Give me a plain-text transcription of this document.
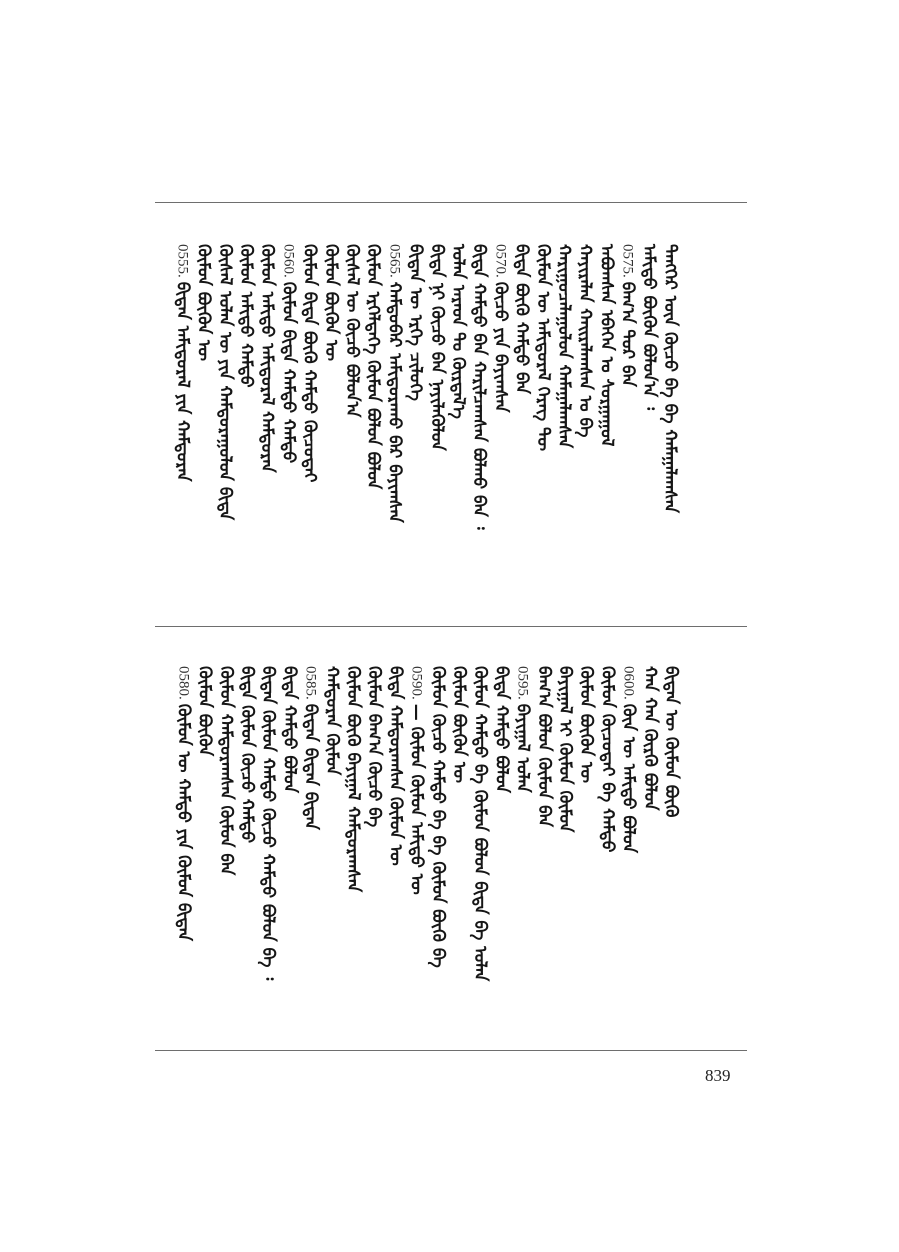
ᠲᠡᠩᠭᠡᠷ ᠦᠨ ᠬᠦᠴᠦ ᠪᠠ ᠪᠠ ᠬᠠᠮᠠᠭᠠᠯᠠᠭᠰᠠᠨ
ᠠᠮᠢᠳᠤ ᠪᠦᠬᠦᠨ ᠪᠣᠯᠤᠨ᠎ᠠ ᠄
0575.ᠪᠠᠭ᠎ᠠ ᠳᠤᠷ ᠪᠠᠨ
ᠠᠪᠤᠭᠰᠠᠨ ᠡᠪᠡᠭᠡᠨ ᠤ ᠰᠤᠷᠭᠠᠭᠤᠯ
ᠬᠠᠶᠢᠷᠠᠯᠠᠨ ᠬᠠᠢᠷᠠᠯᠠᠭᠰᠠᠨ ᠤ ᠪᠠ
ᠬᠠᠷᠢᠭᠤᠴᠠᠯᠠᠭᠤᠯᠤᠨ ᠬᠠᠮᠠᠭᠠᠯᠠᠭᠰᠠᠨ
ᠬᠦᠮᠦᠨ ᠦ ᠠᠮᠢᠳᠤᠷᠠᠯ ᠬᠡᠷᠡᠭ ᠲᠦ
ᠪᠢᠳᠡ ᠪᠦᠬᠦ ᠬᠠᠮᠲᠤ ᠪᠡᠨ
0570.ᠬᠦᠴᠦ ᠶᠢᠨ ᠪᠠᠶᠢᠭᠰᠠᠨ
ᠪᠢᠳᠡ ᠬᠠᠮᠲᠤ ᠪᠠᠨ ᠬᠠᠷᠢᠯᠴᠠᠭᠰᠠᠨ ᠪᠣᠯᠬᠤ ᠪᠠᠨ ᠄
ᠤᠯᠠᠨ ᠠᠷᠠᠳ ᠲᠤ ᠬᠦᠷᠲᠡᠯ᠎ᠡ
ᠪᠢᠳᠡ ᠨᠢ ᠬᠦᠴᠦ ᠪᠡᠨ ᠨᠡᠶᠢᠯᠡᠭᠦᠯᠦᠨ
ᠪᠢᠳᠡᠨ ᠦ ᠡᠷᠬᠡ ᠴᠢᠯᠥᠭᠡ
0565.ᠬᠠᠮᠲᠤᠪᠠᠷ ᠠᠮᠢᠳᠤᠷᠠᠬᠤ ᠪᠠᠷ ᠪᠠᠶᠢᠭᠰᠠᠨ
ᠬᠦᠮᠦᠨ ᠡᠷᠭᠡᠯᠳᠡᠭᠡ ᠬᠦᠮᠦᠨ ᠪᠣᠯᠤᠨ ᠪᠣᠯᠤᠨ
ᠬᠦᠰᠡᠯ ᠦ ᠬᠦᠴᠦ ᠪᠣᠯᠤᠨ᠎ᠠ
ᠬᠦᠮᠦᠨ ᠪᠦᠬᠦᠨ ᠦ
ᠬᠦᠮᠦᠨ ᠪᠢᠳᠡ ᠪᠦᠬᠦ ᠬᠠᠮᠲᠤ ᠬᠦᠴᠦᠲᠡᠢ
0560.ᠬᠦᠮᠦᠨ ᠪᠢᠳᠡ ᠬᠠᠮᠲᠤ ᠬᠠᠮᠲᠤ
ᠬᠦᠮᠦᠨ ᠠᠮᠢᠳᠤ ᠠᠮᠢᠳᠤᠷᠠᠯ ᠬᠠᠮᠲᠤᠷᠠᠨ
ᠬᠦᠮᠦᠨ ᠠᠮᠢᠳᠤ ᠬᠠᠮᠲᠤ
ᠬᠦᠰᠡᠯ ᠣᠯᠠᠨ ᠦ ᠶᠢᠨ ᠬᠠᠮᠲᠤᠷᠠᠭᠤᠯᠤᠨ ᠪᠢᠳᠡ
ᠬᠦᠮᠦᠨ ᠪᠦᠬᠦᠨ ᠦ
0555.ᠪᠢᠳᠡᠨ ᠠᠮᠢᠳᠤᠷᠠᠯ ᠶᠢᠨ ᠬᠠᠮᠲᠤᠷᠠᠨ
ᠪᠢᠳᠡᠨ ᠦ ᠬᠦᠮᠦᠨ ᠪᠦᠬᠦ
ᠬᠠᠨ ᠬᠠᠨ ᠬᠦᠷᠬᠦ ᠪᠣᠯᠣᠨ
0600.ᠬᠦᠨ ᠦ ᠠᠮᠢᠳᠤ ᠪᠣᠯᠣᠨ
ᠬᠦᠮᠦᠨ ᠬᠦᠴᠦᠲᠡᠢ ᠪᠠ ᠬᠠᠮᠲᠤ
ᠬᠦᠮᠦᠨ ᠪᠦᠬᠦᠨ ᠦ
ᠪᠠᠶᠢᠭᠠᠯ ᠢ ᠬᠦᠮᠦᠨ ᠬᠦᠮᠦᠨ
ᠪᠠᠭ᠎ᠠ ᠪᠣᠯᠣᠨ ᠬᠦᠮᠦᠨ ᠪᠠᠨ
0595.ᠪᠠᠶᠢᠭᠠᠯ ᠣᠯᠠᠨ
ᠪᠢᠳᠡ ᠬᠠᠮᠲᠤ ᠪᠣᠯᠣᠨ
ᠬᠦᠮᠦᠨ ᠬᠠᠮᠲᠤ ᠪᠠ ᠬᠦᠮᠦᠨ ᠪᠣᠯᠣᠨ ᠪᠢᠳᠡ ᠪᠠ ᠣᠯᠠᠨ
ᠬᠦᠮᠦᠨ ᠪᠦᠬᠦᠨ ᠦ
ᠬᠦᠮᠦᠨ ᠬᠦᠴᠦ ᠬᠠᠮᠲᠤ ᠪᠠ ᠪᠠ ᠬᠦᠮᠦᠨ ᠪᠦᠬᠦ ᠪᠠ
0590.— ᠬᠦᠮᠦᠨ ᠬᠦᠮᠦᠨ ᠠᠮᠢᠳᠤ ᠦ
ᠪᠢᠳᠡ ᠬᠠᠮᠲᠤᠷᠠᠭᠰᠠᠨ ᠬᠦᠮᠦᠨ ᠦ
ᠬᠦᠮᠦᠨ ᠪᠠᠭ᠎ᠠ ᠬᠦᠴᠦ ᠪᠠ
ᠬᠦᠮᠦᠨ ᠪᠦᠬᠦ ᠪᠠᠶᠢᠭᠠᠯ ᠬᠠᠮᠲᠤᠷᠠᠭᠰᠠᠨ
ᠬᠠᠮᠲᠤᠷᠠᠨ ᠬᠦᠮᠦᠨ
0585.ᠪᠢᠳᠡᠨ ᠪᠢᠳᠡᠨ ᠪᠢᠳᠡᠨ
ᠪᠢᠳᠡ ᠬᠠᠮᠲᠤ ᠪᠣᠯᠣᠨ
ᠪᠢᠳᠡᠨ ᠬᠦᠮᠦᠨ ᠬᠠᠮᠲᠤ ᠬᠦᠴᠦ ᠬᠠᠮᠲᠤ ᠪᠣᠯᠣᠨ ᠪᠠ ᠄
ᠪᠢᠳᠡ ᠬᠦᠮᠦᠨ ᠬᠦᠴᠦ ᠬᠠᠮᠲᠤ
ᠬᠦᠮᠦᠨ ᠬᠠᠮᠲᠤᠷᠠᠭᠰᠠᠨ ᠬᠦᠮᠦᠨ ᠪᠠᠨ
ᠬᠦᠮᠦᠨ ᠪᠦᠬᠦᠨ
0580.ᠬᠦᠮᠦᠨ ᠦ ᠬᠠᠮᠲᠤ ᠶᠢᠨ ᠬᠦᠮᠦᠨ ᠪᠢᠳᠡᠨ
839
